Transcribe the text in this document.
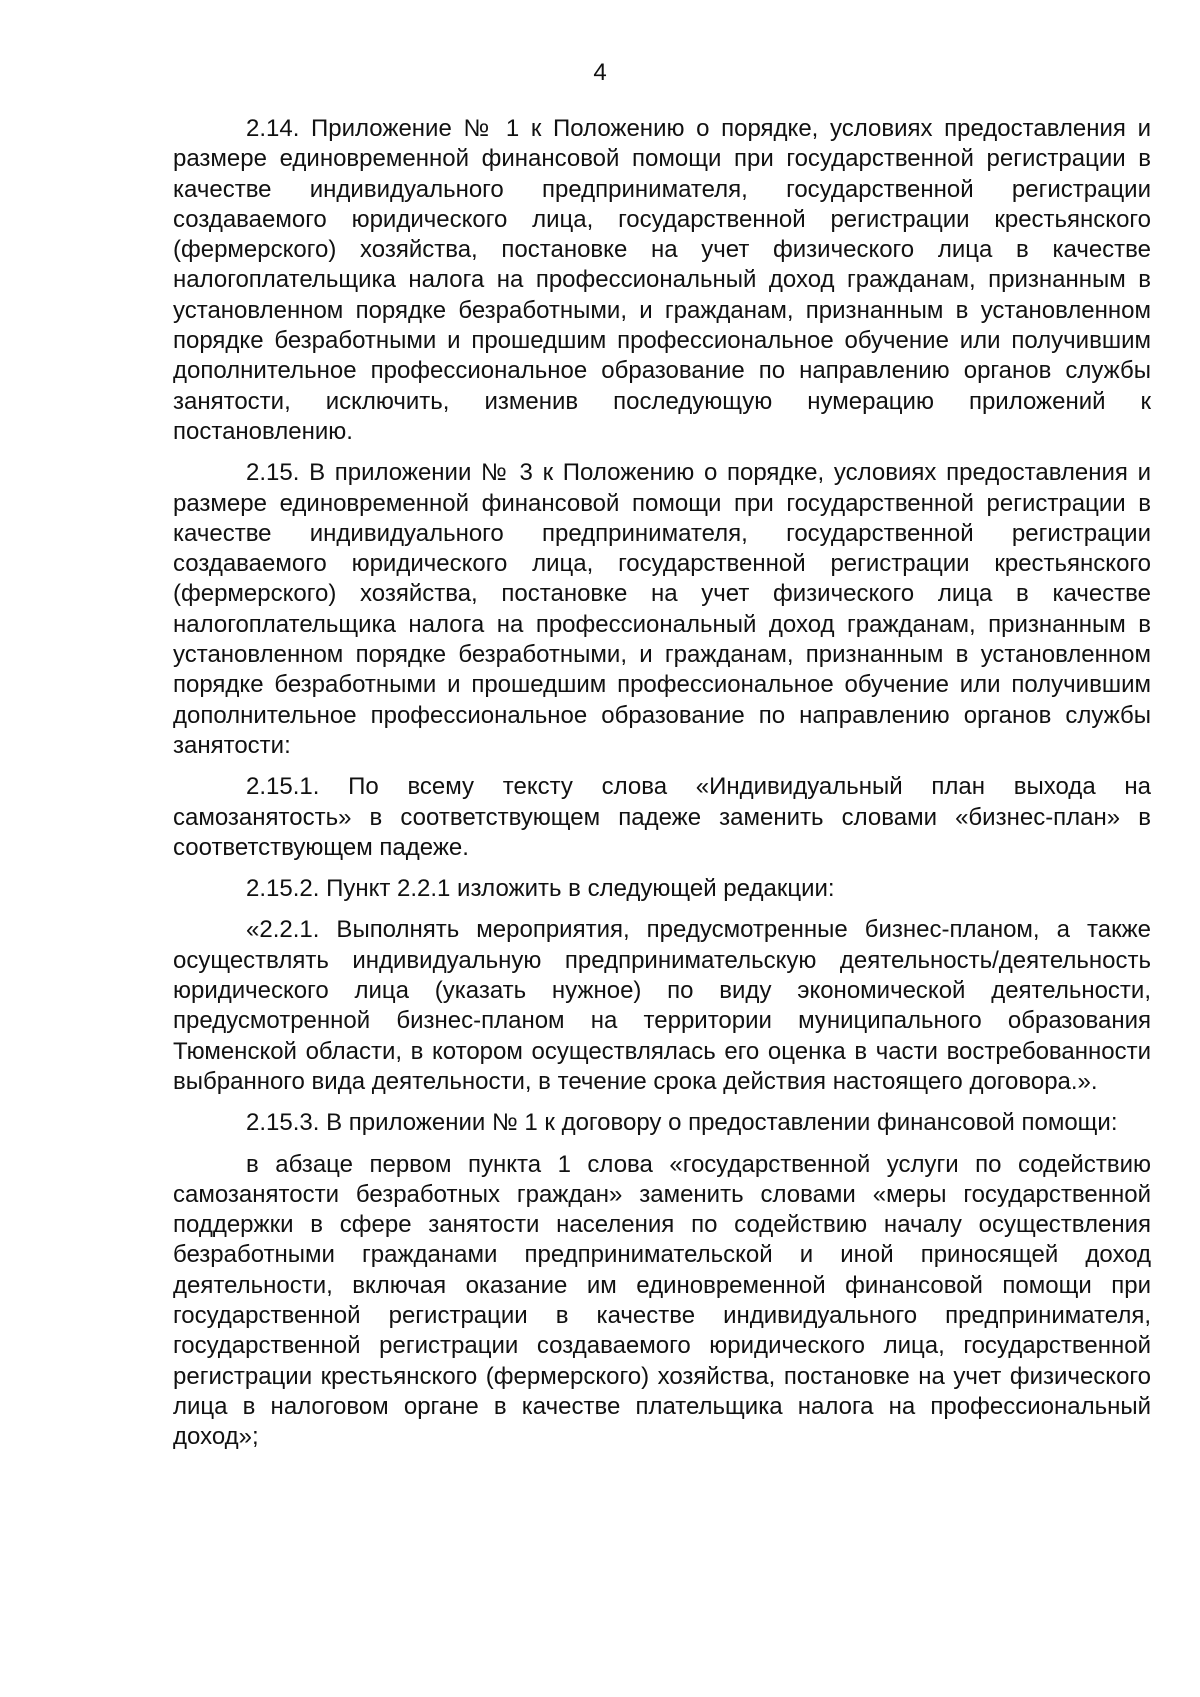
4

2.14. Приложение № 1 к Положению о порядке, условиях предоставления и размере единовременной финансовой помощи при государственной регистрации в качестве индивидуального предпринимателя, государственной регистрации создаваемого юридического лица, государственной регистрации крестьянского (фермерского) хозяйства, постановке на учет физического лица в качестве налогоплательщика налога на профессиональный доход гражданам, признанным в установленном порядке безработными, и гражданам, признанным в установленном порядке безработными и прошедшим профессиональное обучение или получившим дополнительное профессиональное образование по направлению органов службы занятости, исключить, изменив последующую нумерацию приложений к постановлению.

2.15. В приложении № 3 к Положению о порядке, условиях предоставления и размере единовременной финансовой помощи при государственной регистрации в качестве индивидуального предпринимателя, государственной регистрации создаваемого юридического лица, государственной регистрации крестьянского (фермерского) хозяйства, постановке на учет физического лица в качестве налогоплательщика налога на профессиональный доход гражданам, признанным в установленном порядке безработными, и гражданам, признанным в установленном порядке безработными и прошедшим профессиональное обучение или получившим дополнительное профессиональное образование по направлению органов службы занятости:

2.15.1. По всему тексту слова «Индивидуальный план выхода на самозанятость» в соответствующем падеже заменить словами «бизнес-план» в соответствующем падеже.

2.15.2. Пункт 2.2.1 изложить в следующей редакции:

«2.2.1. Выполнять мероприятия, предусмотренные бизнес-планом, а также осуществлять индивидуальную предпринимательскую деятельность/деятельность юридического лица (указать нужное) по виду экономической деятельности, предусмотренной бизнес-планом на территории муниципального образования Тюменской области, в котором осуществлялась его оценка в части востребованности выбранного вида деятельности, в течение срока действия настоящего договора.».

2.15.3. В приложении № 1 к договору о предоставлении финансовой помощи:

в абзаце первом пункта 1 слова «государственной услуги по содействию самозанятости безработных граждан» заменить словами «меры государственной поддержки в сфере занятости населения по содействию началу осуществления безработными гражданами предпринимательской и иной приносящей доход деятельности, включая оказание им единовременной финансовой помощи при государственной регистрации в качестве индивидуального предпринимателя, государственной регистрации создаваемого юридического лица, государственной регистрации крестьянского (фермерского) хозяйства, постановке на учет физического лица в налоговом органе в качестве плательщика налога на профессиональный доход»;
